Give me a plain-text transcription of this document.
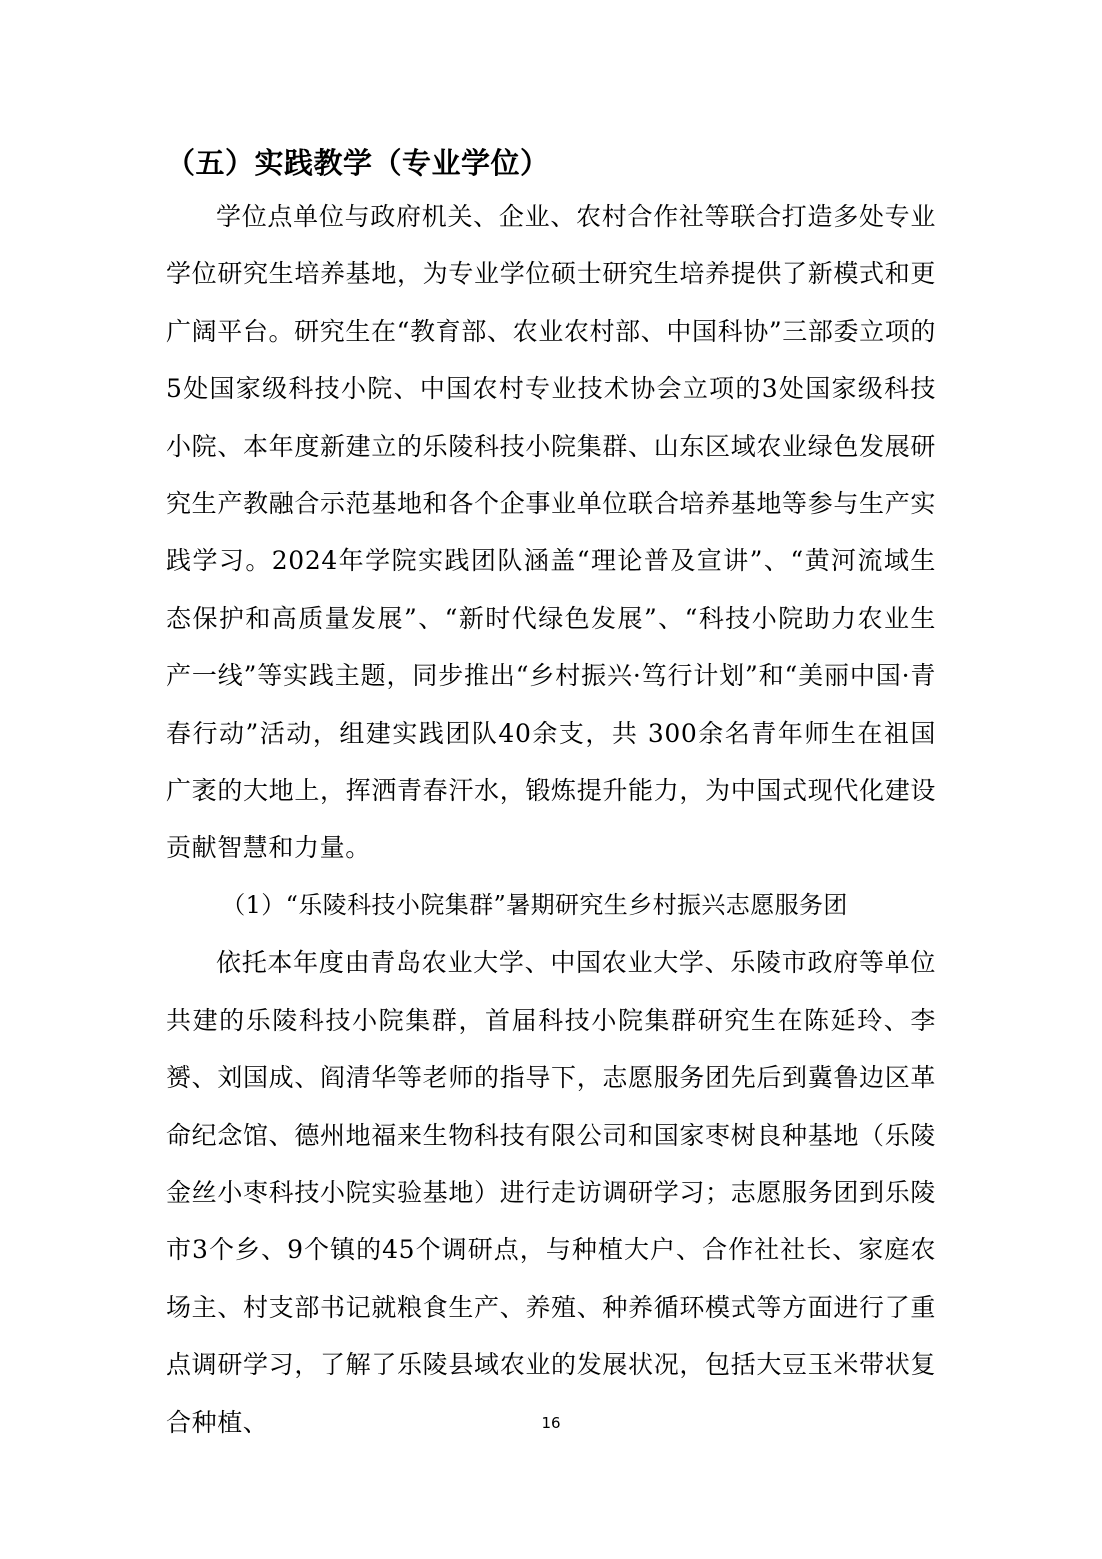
（五）实践教学（专业学位）

学位点单位与政府机关、企业、农村合作社等联合打造多处专业学位研究生培养基地，为专业学位硕士研究生培养提供了新模式和更广阔平台。研究生在“教育部、农业农村部、中国科协”三部委立项的5处国家级科技小院、中国农村专业技术协会立项的3处国家级科技小院、本年度新建立的乐陵科技小院集群、山东区域农业绿色发展研究生产教融合示范基地和各个企事业单位联合培养基地等参与生产实践学习。2024年学院实践团队涵盖“理论普及宣讲”、“黄河流域生态保护和高质量发展”、“新时代绿色发展”、“科技小院助力农业生产一线”等实践主题，同步推出“乡村振兴·笃行计划”和“美丽中国·青春行动”活动，组建实践团队40余支，共 300余名青年师生在祖国广袤的大地上，挥洒青春汗水，锻炼提升能力，为中国式现代化建设贡献智慧和力量。

（1）“乐陵科技小院集群”暑期研究生乡村振兴志愿服务团

依托本年度由青岛农业大学、中国农业大学、乐陵市政府等单位共建的乐陵科技小院集群，首届科技小院集群研究生在陈延玲、李赟、刘国成、阎清华等老师的指导下，志愿服务团先后到冀鲁边区革命纪念馆、德州地福来生物科技有限公司和国家枣树良种基地（乐陵金丝小枣科技小院实验基地）进行走访调研学习；志愿服务团到乐陵市3个乡、9个镇的45个调研点，与种植大户、合作社社长、家庭农场主、村支部书记就粮食生产、养殖、种养循环模式等方面进行了重点调研学习，了解了乐陵县域农业的发展状况，包括大豆玉米带状复合种植、	16
